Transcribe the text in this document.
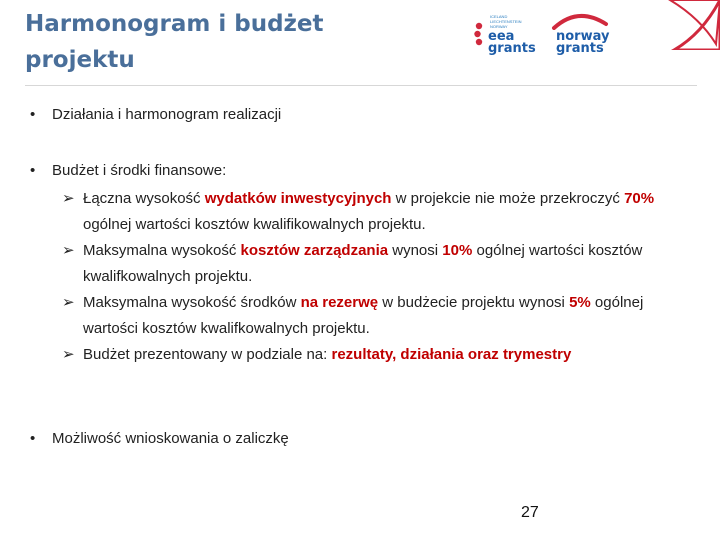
Harmonogram i budżet
projektu
ICELAND LIECHTENSTEIN NORWAY
eea
grants
norway
grants
• Działania i harmonogram realizacji
• Budżet i środki finansowe:
➢ Łączna wysokość wydatków inwestycyjnych w projekcie nie może przekroczyć 70% ogólnej wartości kosztów kwalifikowalnych projektu.
➢ Maksymalna wysokość kosztów zarządzania wynosi 10% ogólnej wartości kosztów kwalifkowalnych projektu.
➢ Maksymalna wysokość środków na rezerwę w budżecie projektu wynosi 5% ogólnej wartości kosztów kwalifkowalnych projektu.
➢ Budżet prezentowany w podziale na: rezultaty, działania oraz trymestry
• Możliwość wnioskowania o zaliczkę
27
